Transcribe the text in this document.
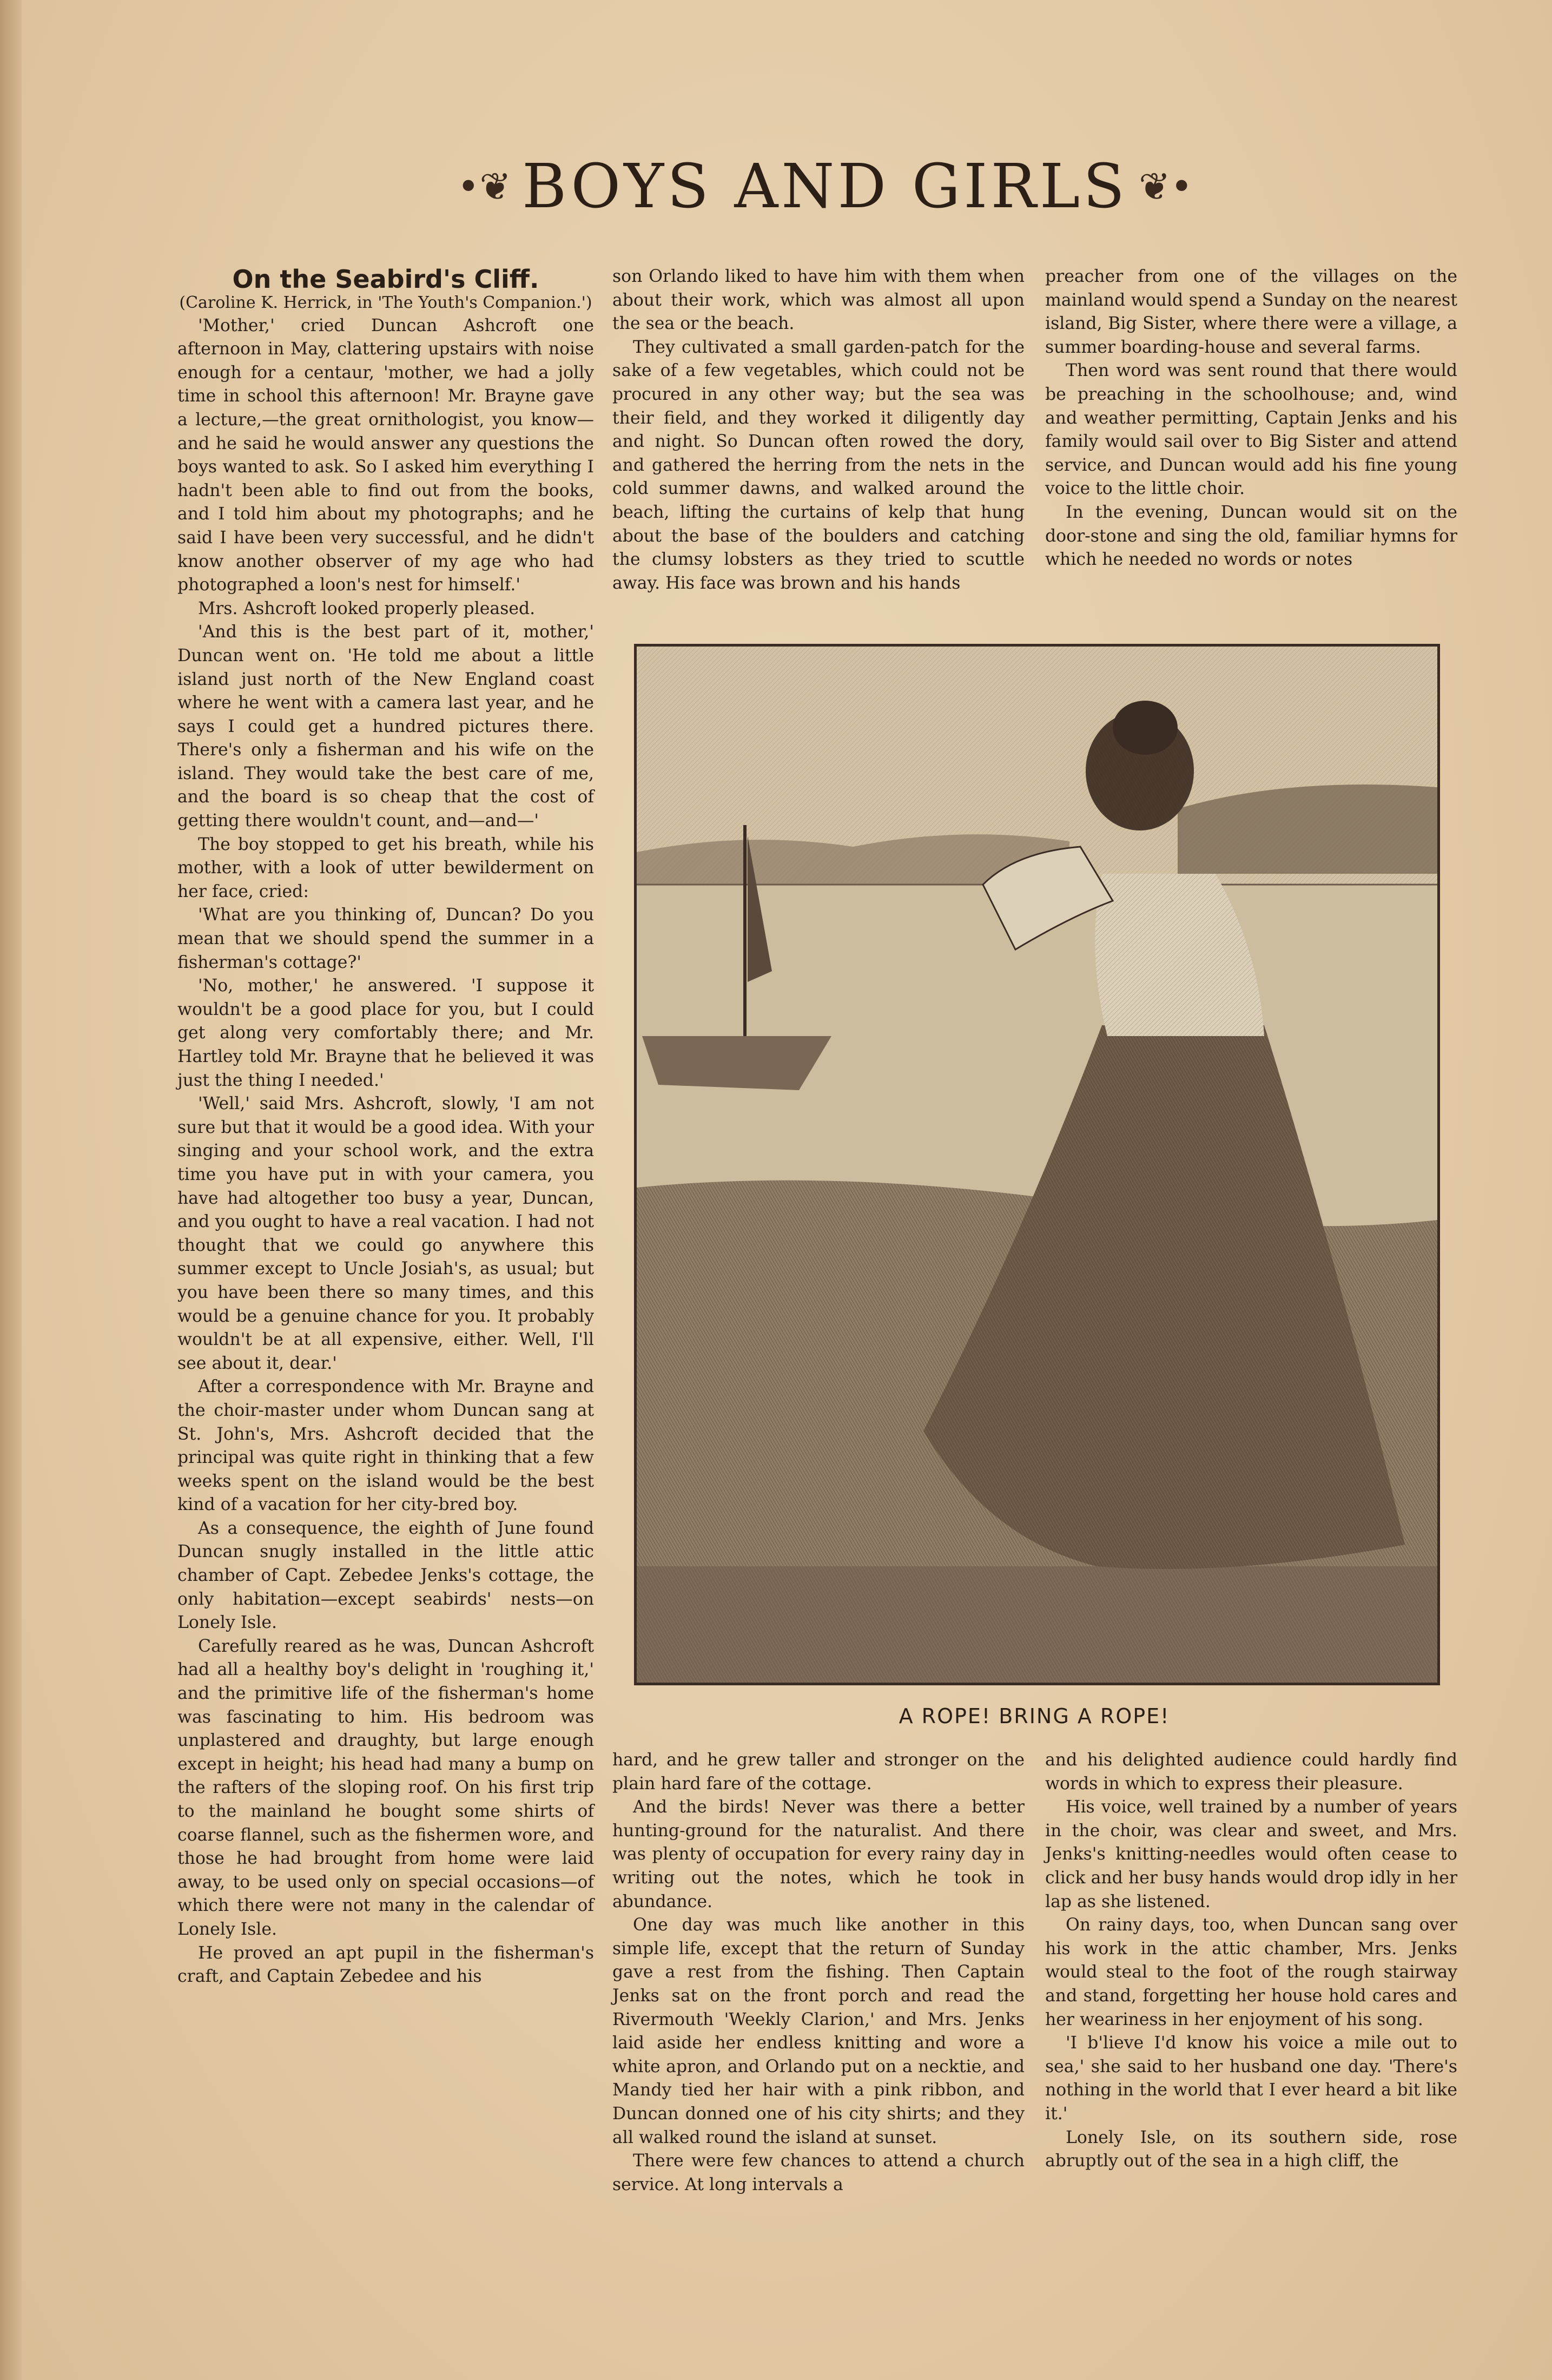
•❦ BOYS AND GIRLS ❦•

On the Seabird's Cliff.

(Caroline K. Herrick, in 'The Youth's Companion.')

'Mother,' cried Duncan Ashcroft one afternoon in May, clattering upstairs with noise enough for a centaur, 'mother, we had a jolly time in school this afternoon! Mr. Brayne gave a lecture,—the great ornithologist, you know—and he said he would answer any questions the boys wanted to ask. So I asked him everything I hadn't been able to find out from the books, and I told him about my photographs; and he said I have been very successful, and he didn't know another observer of my age who had photographed a loon's nest for himself.'

Mrs. Ashcroft looked properly pleased.

'And this is the best part of it, mother,' Duncan went on. 'He told me about a little island just north of the New England coast where he went with a camera last year, and he says I could get a hundred pictures there. There's only a fisherman and his wife on the island. They would take the best care of me, and the board is so cheap that the cost of getting there wouldn't count, and—and—'

The boy stopped to get his breath, while his mother, with a look of utter bewilderment on her face, cried:

'What are you thinking of, Duncan? Do you mean that we should spend the summer in a fisherman's cottage?'

'No, mother,' he answered. 'I suppose it wouldn't be a good place for you, but I could get along very comfortably there; and Mr. Hartley told Mr. Brayne that he believed it was just the thing I needed.'

'Well,' said Mrs. Ashcroft, slowly, 'I am not sure but that it would be a good idea. With your singing and your school work, and the extra time you have put in with your camera, you have had altogether too busy a year, Duncan, and you ought to have a real vacation. I had not thought that we could go anywhere this summer except to Uncle Josiah's, as usual; but you have been there so many times, and this would be a genuine chance for you. It probably wouldn't be at all expensive, either. Well, I'll see about it, dear.'

After a correspondence with Mr. Brayne and the choir-master under whom Duncan sang at St. John's, Mrs. Ashcroft decided that the principal was quite right in thinking that a few weeks spent on the island would be the best kind of a vacation for her city-bred boy.

As a consequence, the eighth of June found Duncan snugly installed in the little attic chamber of Capt. Zebedee Jenks's cottage, the only habitation—except seabirds' nests—on Lonely Isle.

Carefully reared as he was, Duncan Ashcroft had all a healthy boy's delight in 'roughing it,' and the primitive life of the fisherman's home was fascinating to him. His bedroom was unplastered and draughty, but large enough except in height; his head had many a bump on the rafters of the sloping roof. On his first trip to the mainland he bought some shirts of coarse flannel, such as the fishermen wore, and those he had brought from home were laid away, to be used only on special occasions—of which there were not many in the calendar of Lonely Isle.

He proved an apt pupil in the fisherman's craft, and Captain Zebedee and his

son Orlando liked to have him with them when about their work, which was almost all upon the sea or the beach.

They cultivated a small garden-patch for the sake of a few vegetables, which could not be procured in any other way; but the sea was their field, and they worked it diligently day and night. So Duncan often rowed the dory, and gathered the herring from the nets in the cold summer dawns, and walked around the beach, lifting the curtains of kelp that hung about the base of the boulders and catching the clumsy lobsters as they tried to scuttle away. His face was brown and his hands

preacher from one of the villages on the mainland would spend a Sunday on the nearest island, Big Sister, where there were a village, a summer boarding-house and several farms.

Then word was sent round that there would be preaching in the schoolhouse; and, wind and weather permitting, Captain Jenks and his family would sail over to Big Sister and attend service, and Duncan would add his fine young voice to the little choir.

In the evening, Duncan would sit on the door-stone and sing the old, familiar hymns for which he needed no words or notes

A ROPE! BRING A ROPE!

hard, and he grew taller and stronger on the plain hard fare of the cottage.

And the birds! Never was there a better hunting-ground for the naturalist. And there was plenty of occupation for every rainy day in writing out the notes, which he took in abundance.

One day was much like another in this simple life, except that the return of Sunday gave a rest from the fishing. Then Captain Jenks sat on the front porch and read the Rivermouth 'Weekly Clarion,' and Mrs. Jenks laid aside her endless knitting and wore a white apron, and Orlando put on a necktie, and Mandy tied her hair with a pink ribbon, and Duncan donned one of his city shirts; and they all walked round the island at sunset.

There were few chances to attend a church service. At long intervals a

and his delighted audience could hardly find words in which to express their pleasure.

His voice, well trained by a number of years in the choir, was clear and sweet, and Mrs. Jenks's knitting-needles would often cease to click and her busy hands would drop idly in her lap as she listened.

On rainy days, too, when Duncan sang over his work in the attic chamber, Mrs. Jenks would steal to the foot of the rough stairway and stand, forgetting her house hold cares and her weariness in her enjoyment of his song.

'I b'lieve I'd know his voice a mile out to sea,' she said to her husband one day. 'There's nothing in the world that I ever heard a bit like it.'

Lonely Isle, on its southern side, rose abruptly out of the sea in a high cliff, the
